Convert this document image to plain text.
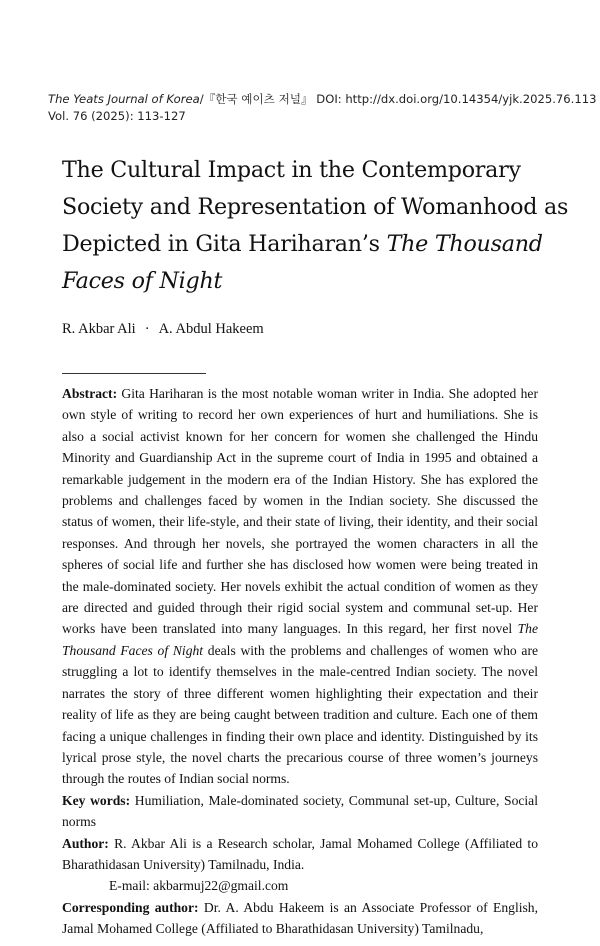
The Yeats Journal of Korea/『한국 예이츠 저널』 DOI: http://dx.doi.org/10.14354/yjk.2025.76.113
Vol. 76 (2025): 113-127
The Cultural Impact in the Contemporary Society and Representation of Womanhood as Depicted in Gita Hariharan’s The Thousand Faces of Night
R. Akbar Ali · A. Abdul Hakeem

Abstract: Gita Hariharan is the most notable woman writer in India. She adopted her own style of writing to record her own experiences of hurt and humiliations. She is also a social activist known for her concern for women she challenged the Hindu Minority and Guardianship Act in the supreme court of India in 1995 and obtained a remarkable judgement in the modern era of the Indian History. She has explored the problems and challenges faced by women in the Indian society. She discussed the status of women, their life-style, and their state of living, their identity, and their social responses. And through her novels, she portrayed the women characters in all the spheres of social life and further she has disclosed how women were being treated in the male-dominated society. Her novels exhibit the actual condition of women as they are directed and guided through their rigid social system and communal set-up. Her works have been translated into many languages. In this regard, her first novel The Thousand Faces of Night deals with the problems and challenges of women who are struggling a lot to identify themselves in the male-centred Indian society. The novel narrates the story of three different women highlighting their expectation and their reality of life as they are being caught between tradition and culture. Each one of them facing a unique challenges in finding their own place and identity. Distinguished by its lyrical prose style, the novel charts the precarious course of three women’s journeys through the routes of Indian social norms.

Key words: Humiliation, Male-dominated society, Communal set-up, Culture, Social norms

Author: R. Akbar Ali is a Research scholar, Jamal Mohamed College (Affiliated to Bharathidasan University) Tamilnadu, India.
E-mail: akbarmuj22@gmail.com

Corresponding author: Dr. A. Abdu Hakeem is an Associate Professor of English, Jamal Mohamed College (Affiliated to Bharathidasan University) Tamilnadu,
